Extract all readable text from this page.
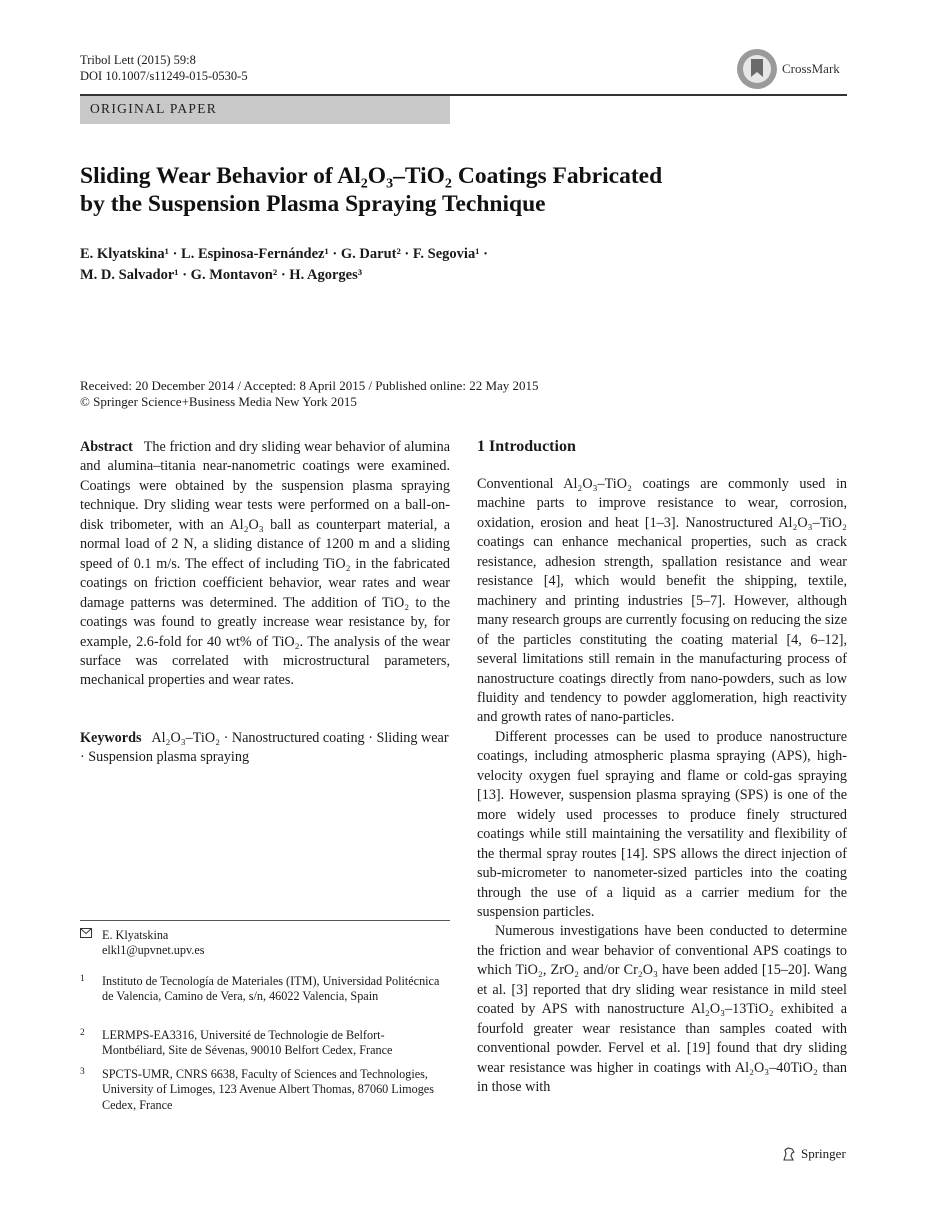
Tribol Lett (2015) 59:8
DOI 10.1007/s11249-015-0530-5	CrossMark
ORIGINAL PAPER
Sliding Wear Behavior of Al₂O₃–TiO₂ Coatings Fabricated
by the Suspension Plasma Spraying Technique
E. Klyatskina¹ · L. Espinosa-Fernández¹ · G. Darut² · F. Segovia¹ ·
M. D. Salvador¹ · G. Montavon² · H. Agorges³
Received: 20 December 2014 / Accepted: 8 April 2015 / Published online: 22 May 2015
© Springer Science+Business Media New York 2015
Abstract The friction and dry sliding wear behavior of alumina and alumina–titania near-nanometric coatings were examined. Coatings were obtained by the suspension plasma spraying technique. Dry sliding wear tests were performed on a ball-on-disk tribometer, with an Al₂O₃ ball as counterpart material, a normal load of 2 N, a sliding distance of 1200 m and a sliding speed of 0.1 m/s. The effect of including TiO₂ in the fabricated coatings on friction coefficient behavior, wear rates and wear damage patterns was determined. The addition of TiO₂ to the coatings was found to greatly increase wear resistance by, for example, 2.6-fold for 40 wt% of TiO₂. The analysis of the wear surface was correlated with microstructural parameters, mechanical properties and wear rates.
Keywords Al₂O₃–TiO₂ · Nanostructured coating · Sliding wear · Suspension plasma spraying
E. Klyatskina
elkl1@upvnet.upv.es
1 Instituto de Tecnología de Materiales (ITM), Universidad Politécnica de Valencia, Camino de Vera, s/n, 46022 Valencia, Spain
2 LERMPS-EA3316, Université de Technologie de Belfort-Montbéliard, Site de Sévenas, 90010 Belfort Cedex, France
3 SPCTS-UMR, CNRS 6638, Faculty of Sciences and Technologies, University of Limoges, 123 Avenue Albert Thomas, 87060 Limoges Cedex, France
1 Introduction

Conventional Al₂O₃–TiO₂ coatings are commonly used in machine parts to improve resistance to wear, corrosion, oxidation, erosion and heat [1–3]. Nanostructured Al₂O₃–TiO₂ coatings can enhance mechanical properties, such as crack resistance, adhesion strength, spallation resistance and wear resistance [4], which would benefit the shipping, textile, machinery and printing industries [5–7]. However, although many research groups are currently focusing on reducing the size of the particles constituting the coating material [4, 6–12], several limitations still remain in the manufacturing process of nanostructure coatings directly from nano-powders, such as low fluidity and tendency to powder agglomeration, high reactivity and growth rates of nano-particles.

Different processes can be used to produce nanostructure coatings, including atmospheric plasma spraying (APS), high-velocity oxygen fuel spraying and flame or cold-gas spraying [13]. However, suspension plasma spraying (SPS) is one of the more widely used processes to produce finely structured coatings while still maintaining the versatility and flexibility of the thermal spray routes [14]. SPS allows the direct injection of sub-micrometer to nanometer-sized particles into the coating through the use of a liquid as a carrier medium for the suspension particles.

Numerous investigations have been conducted to determine the friction and wear behavior of conventional APS coatings to which TiO₂, ZrO₂ and/or Cr₂O₃ have been added [15–20]. Wang et al. [3] reported that dry sliding wear resistance in mild steel coated by APS with nanostructure Al₂O₃–13TiO₂ exhibited a fourfold greater wear resistance than samples coated with conventional powder. Fervel et al. [19] found that dry sliding wear resistance was higher in coatings with Al₂O₃–40TiO₂ than in those with

Springer
